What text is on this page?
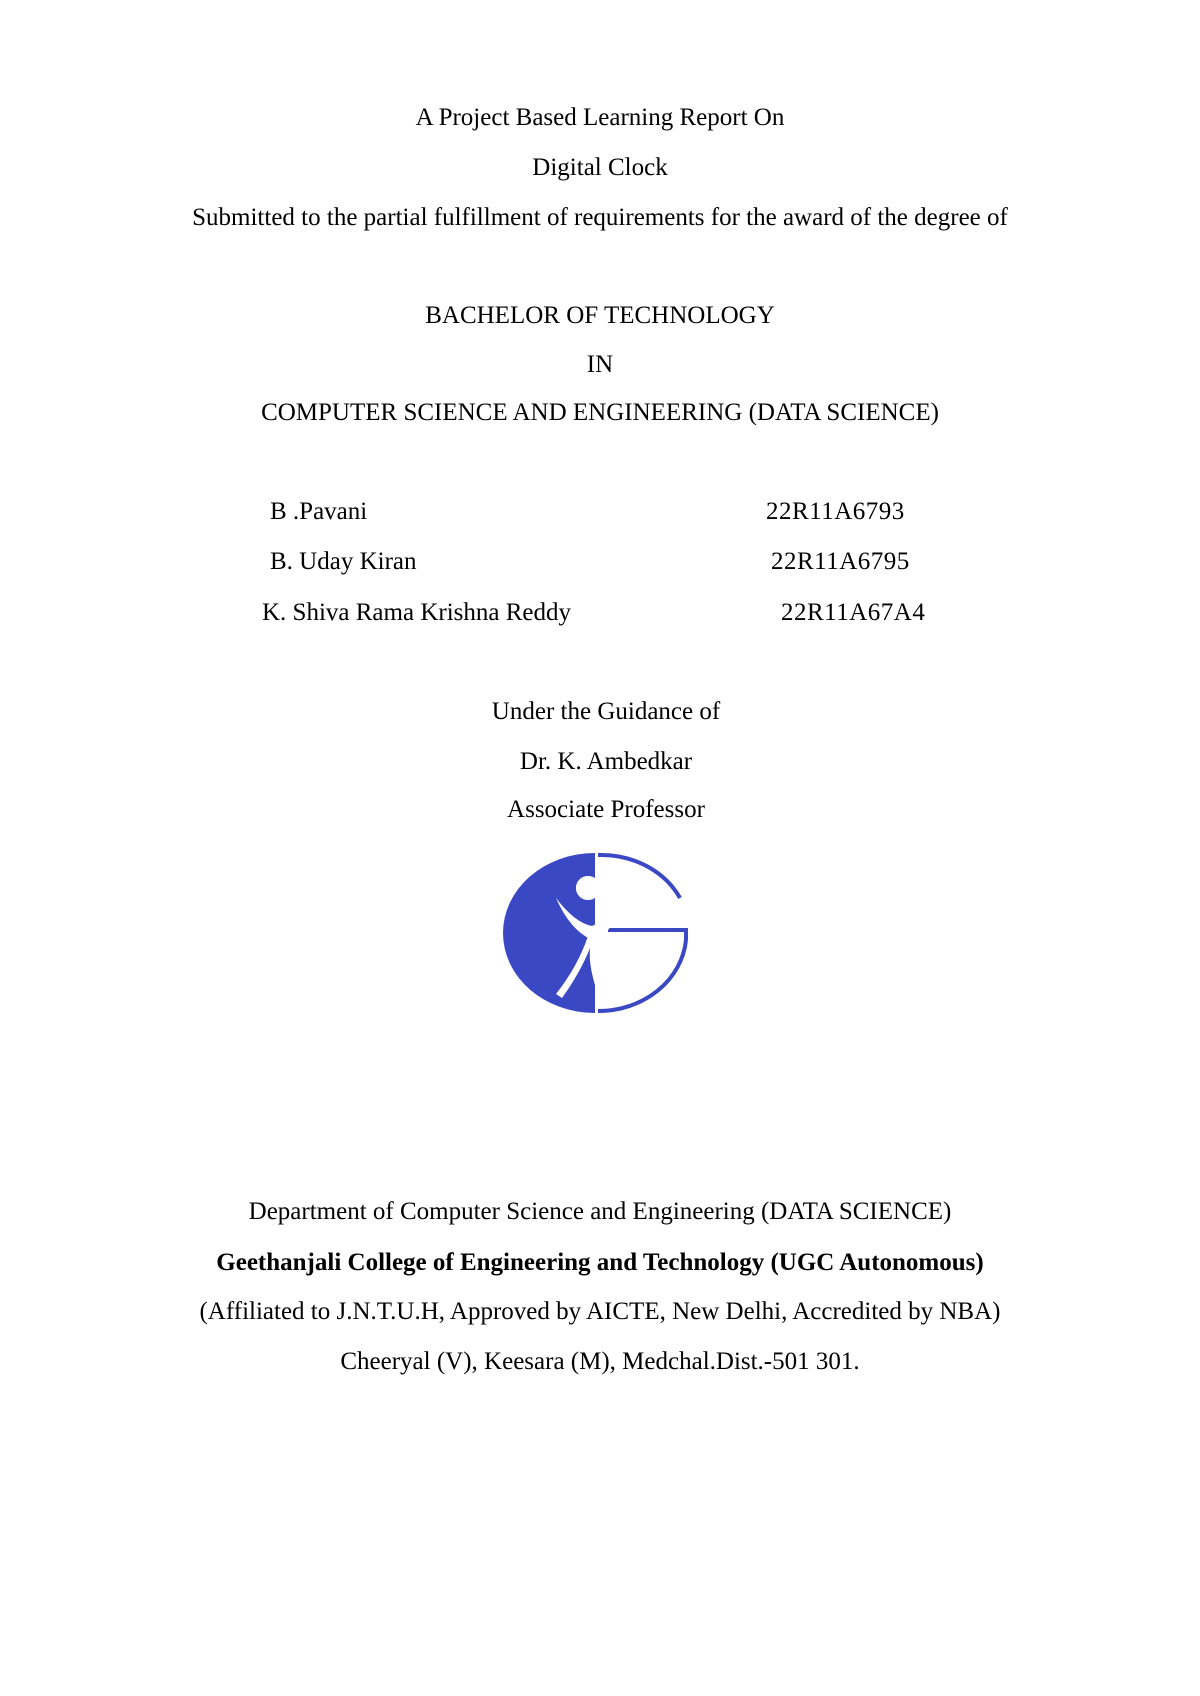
A Project Based Learning Report On
Digital Clock
Submitted to the partial fulfillment of requirements for the award of the degree of
BACHELOR OF TECHNOLOGY
IN
COMPUTER SCIENCE AND ENGINEERING (DATA SCIENCE)
B .Pavani	22R11A6793
B. Uday Kiran	22R11A6795
K. Shiva Rama Krishna Reddy	22R11A67A4
Under the Guidance of
Dr. K. Ambedkar
Associate Professor
Department of Computer Science and Engineering (DATA SCIENCE)
Geethanjali College of Engineering and Technology (UGC Autonomous)
(Affiliated to J.N.T.U.H, Approved by AICTE, New Delhi, Accredited by NBA)
Cheeryal (V), Keesara (M), Medchal.Dist.-501 301.
